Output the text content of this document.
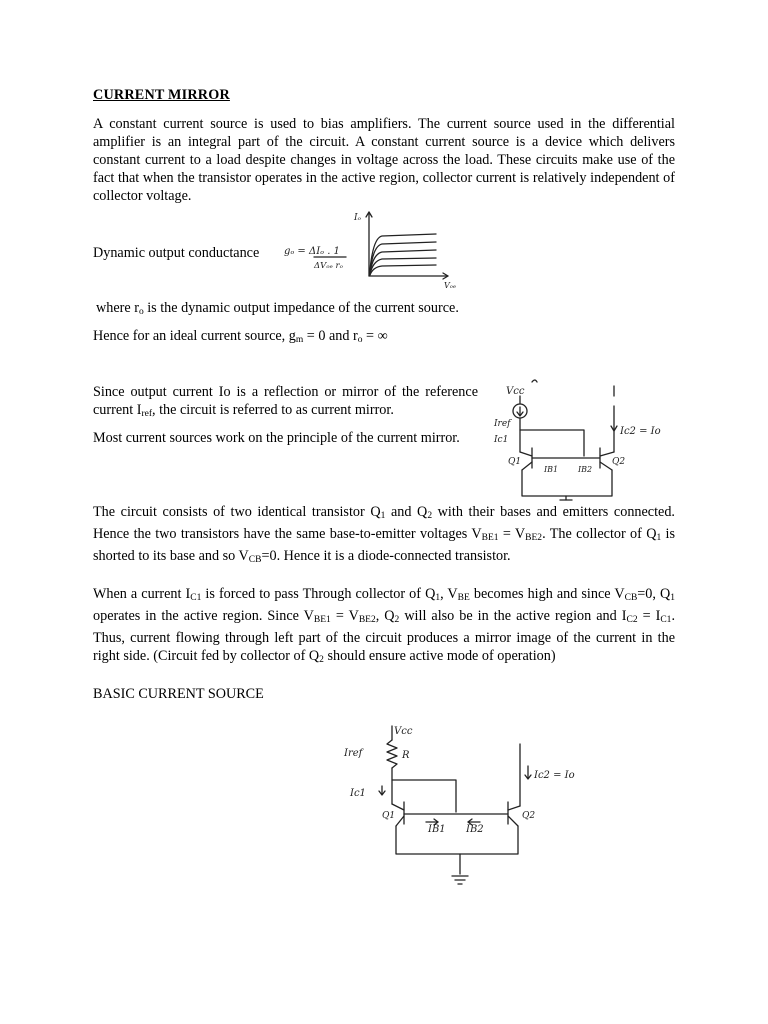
CURRENT MIRROR
A constant current source is used to bias amplifiers. The current source used in the differential amplifier is an integral part of the circuit. A constant current source is a device which delivers constant current to a load despite changes in voltage across the load. These circuits make use of the fact that when the transistor operates in the active region, collector current is relatively independent of collector voltage.
Dynamic output conductance gₒ = ΔIₒ . 1
ΔVₒₑ rₒ
Iₒ
Vₒₑ
where $r_o$ is the dynamic output impedance of the current source.
Hence for an ideal current source, $g_m = 0$ and $r_o$ = ∞
Since output current Io is a reflection or mirror of the reference current $I_{ref}$, the circuit is referred to as current mirror.
Most current sources work on the principle of the current mirror.
Vcc
Iref
Ic1
Q1
IB1 IB2
Q2
Ic2 = Io
The circuit consists of two identical transistor $Q_1$ and $Q_2$ with their bases and emitters connected. Hence the two transistors have the same base-to-emitter voltages $V_{BE1} = V_{BE2}$. The collector of $Q_1$ is shorted to its base and so $V_{CB}=0$. Hence it is a diode-connected transistor.
When a current $I_{C1}$ is forced to pass Through collector of $Q_1$, $V_{BE}$ becomes high and since $V_{CB}=0$, $Q_1$ operates in the active region. Since $V_{BE1} = V_{BE2}$, $Q_2$ will also be in the active region and $I_{C2} = I_{C1}$. Thus, current flowing through left part of the circuit produces a mirror image of the current in the right side. (Circuit fed by collector of $Q_2$ should ensure active mode of operation)
BASIC CURRENT SOURCE
Vcc
R
Iref
Ic1
Q1
IB1 IB2
Q2
Ic2 = Io
